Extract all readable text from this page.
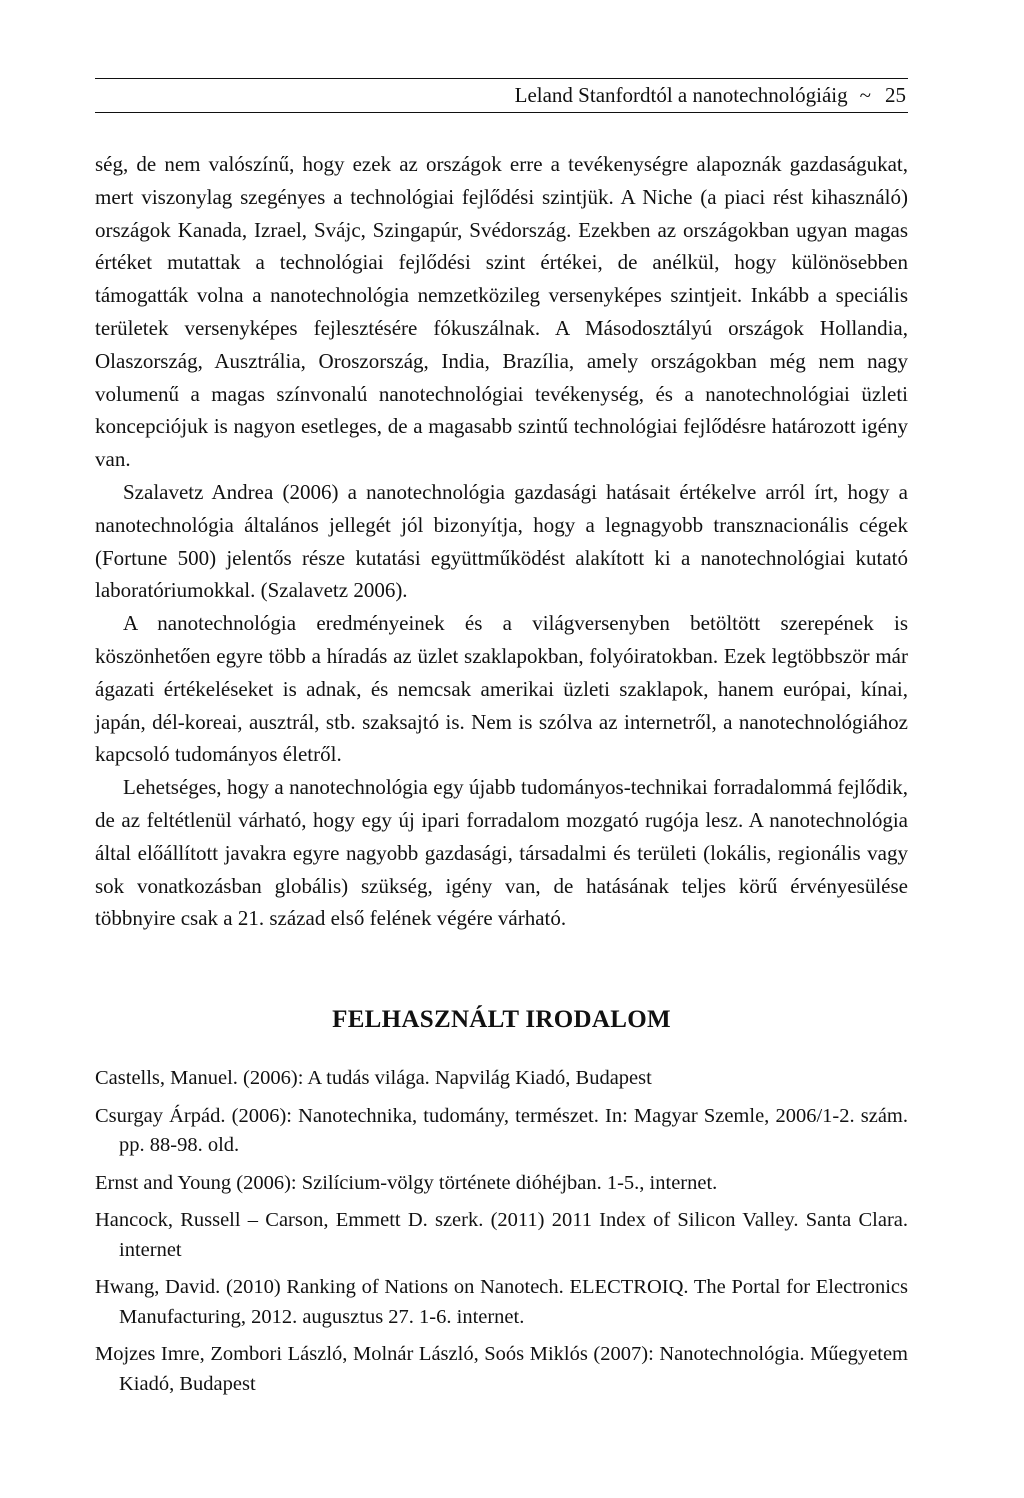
Leland Stanfordtól a nanotechnológiáig ~ 25

ség, de nem valószínű, hogy ezek az országok erre a tevékenységre alapoznák gazdaságukat, mert viszonylag szegényes a technológiai fejlődési szintjük. A Niche (a piaci rést kihasználó) országok Kanada, Izrael, Svájc, Szingapúr, Svédország. Ezekben az országokban ugyan magas értéket mutattak a technológiai fejlődési szint értékei, de anélkül, hogy különösebben támogatták volna a nanotechnológia nemzetközileg versenyképes szintjeit. Inkább a speciális területek versenyképes fejlesztésére fókuszálnak. A Másodosztályú országok Hollandia, Olaszország, Ausztrália, Oroszország, India, Brazília, amely országokban még nem nagy volumenű a magas színvonalú nanotechnológiai tevékenység, és a nanotechnológiai üzleti koncepciójuk is nagyon esetleges, de a magasabb szintű technológiai fejlődésre határozott igény van.

Szalavetz Andrea (2006) a nanotechnológia gazdasági hatásait értékelve arról írt, hogy a nanotechnológia általános jellegét jól bizonyítja, hogy a legnagyobb transznacionális cégek (Fortune 500) jelentős része kutatási együttműködést alakított ki a nanotechnológiai kutató laboratóriumokkal. (Szalavetz 2006).

A nanotechnológia eredményeinek és a világversenyben betöltött szerepének is köszönhetően egyre több a híradás az üzlet szaklapokban, folyóiratokban. Ezek legtöbbször már ágazati értékeléseket is adnak, és nemcsak amerikai üzleti szaklapok, hanem európai, kínai, japán, dél-koreai, ausztrál, stb. szaksajtó is. Nem is szólva az internetről, a nanotechnológiához kapcsoló tudományos életről.

Lehetséges, hogy a nanotechnológia egy újabb tudományos-technikai forradalommá fejlődik, de az feltétlenül várható, hogy egy új ipari forradalom mozgató rugója lesz. A nanotechnológia által előállított javakra egyre nagyobb gazdasági, társadalmi és területi (lokális, regionális vagy sok vonatkozásban globális) szükség, igény van, de hatásának teljes körű érvényesülése többnyire csak a 21. század első felének végére várható.

FELHASZNÁLT IRODALOM

Castells, Manuel. (2006): A tudás világa. Napvilág Kiadó, Budapest

Csurgay Árpád. (2006): Nanotechnika, tudomány, természet. In: Magyar Szemle, 2006/1-2. szám. pp. 88-98. old.

Ernst and Young (2006): Szilícium-völgy története dióhéjban. 1-5., internet.

Hancock, Russell – Carson, Emmett D. szerk. (2011) 2011 Index of Silicon Valley. Santa Clara. internet

Hwang, David. (2010) Ranking of Nations on Nanotech. ELECTROIQ. The Portal for Electronics Manufacturing, 2012. augusztus 27. 1-6. internet.

Mojzes Imre, Zombori László, Molnár László, Soós Miklós (2007): Nanotechnológia. Műegyetem Kiadó, Budapest
